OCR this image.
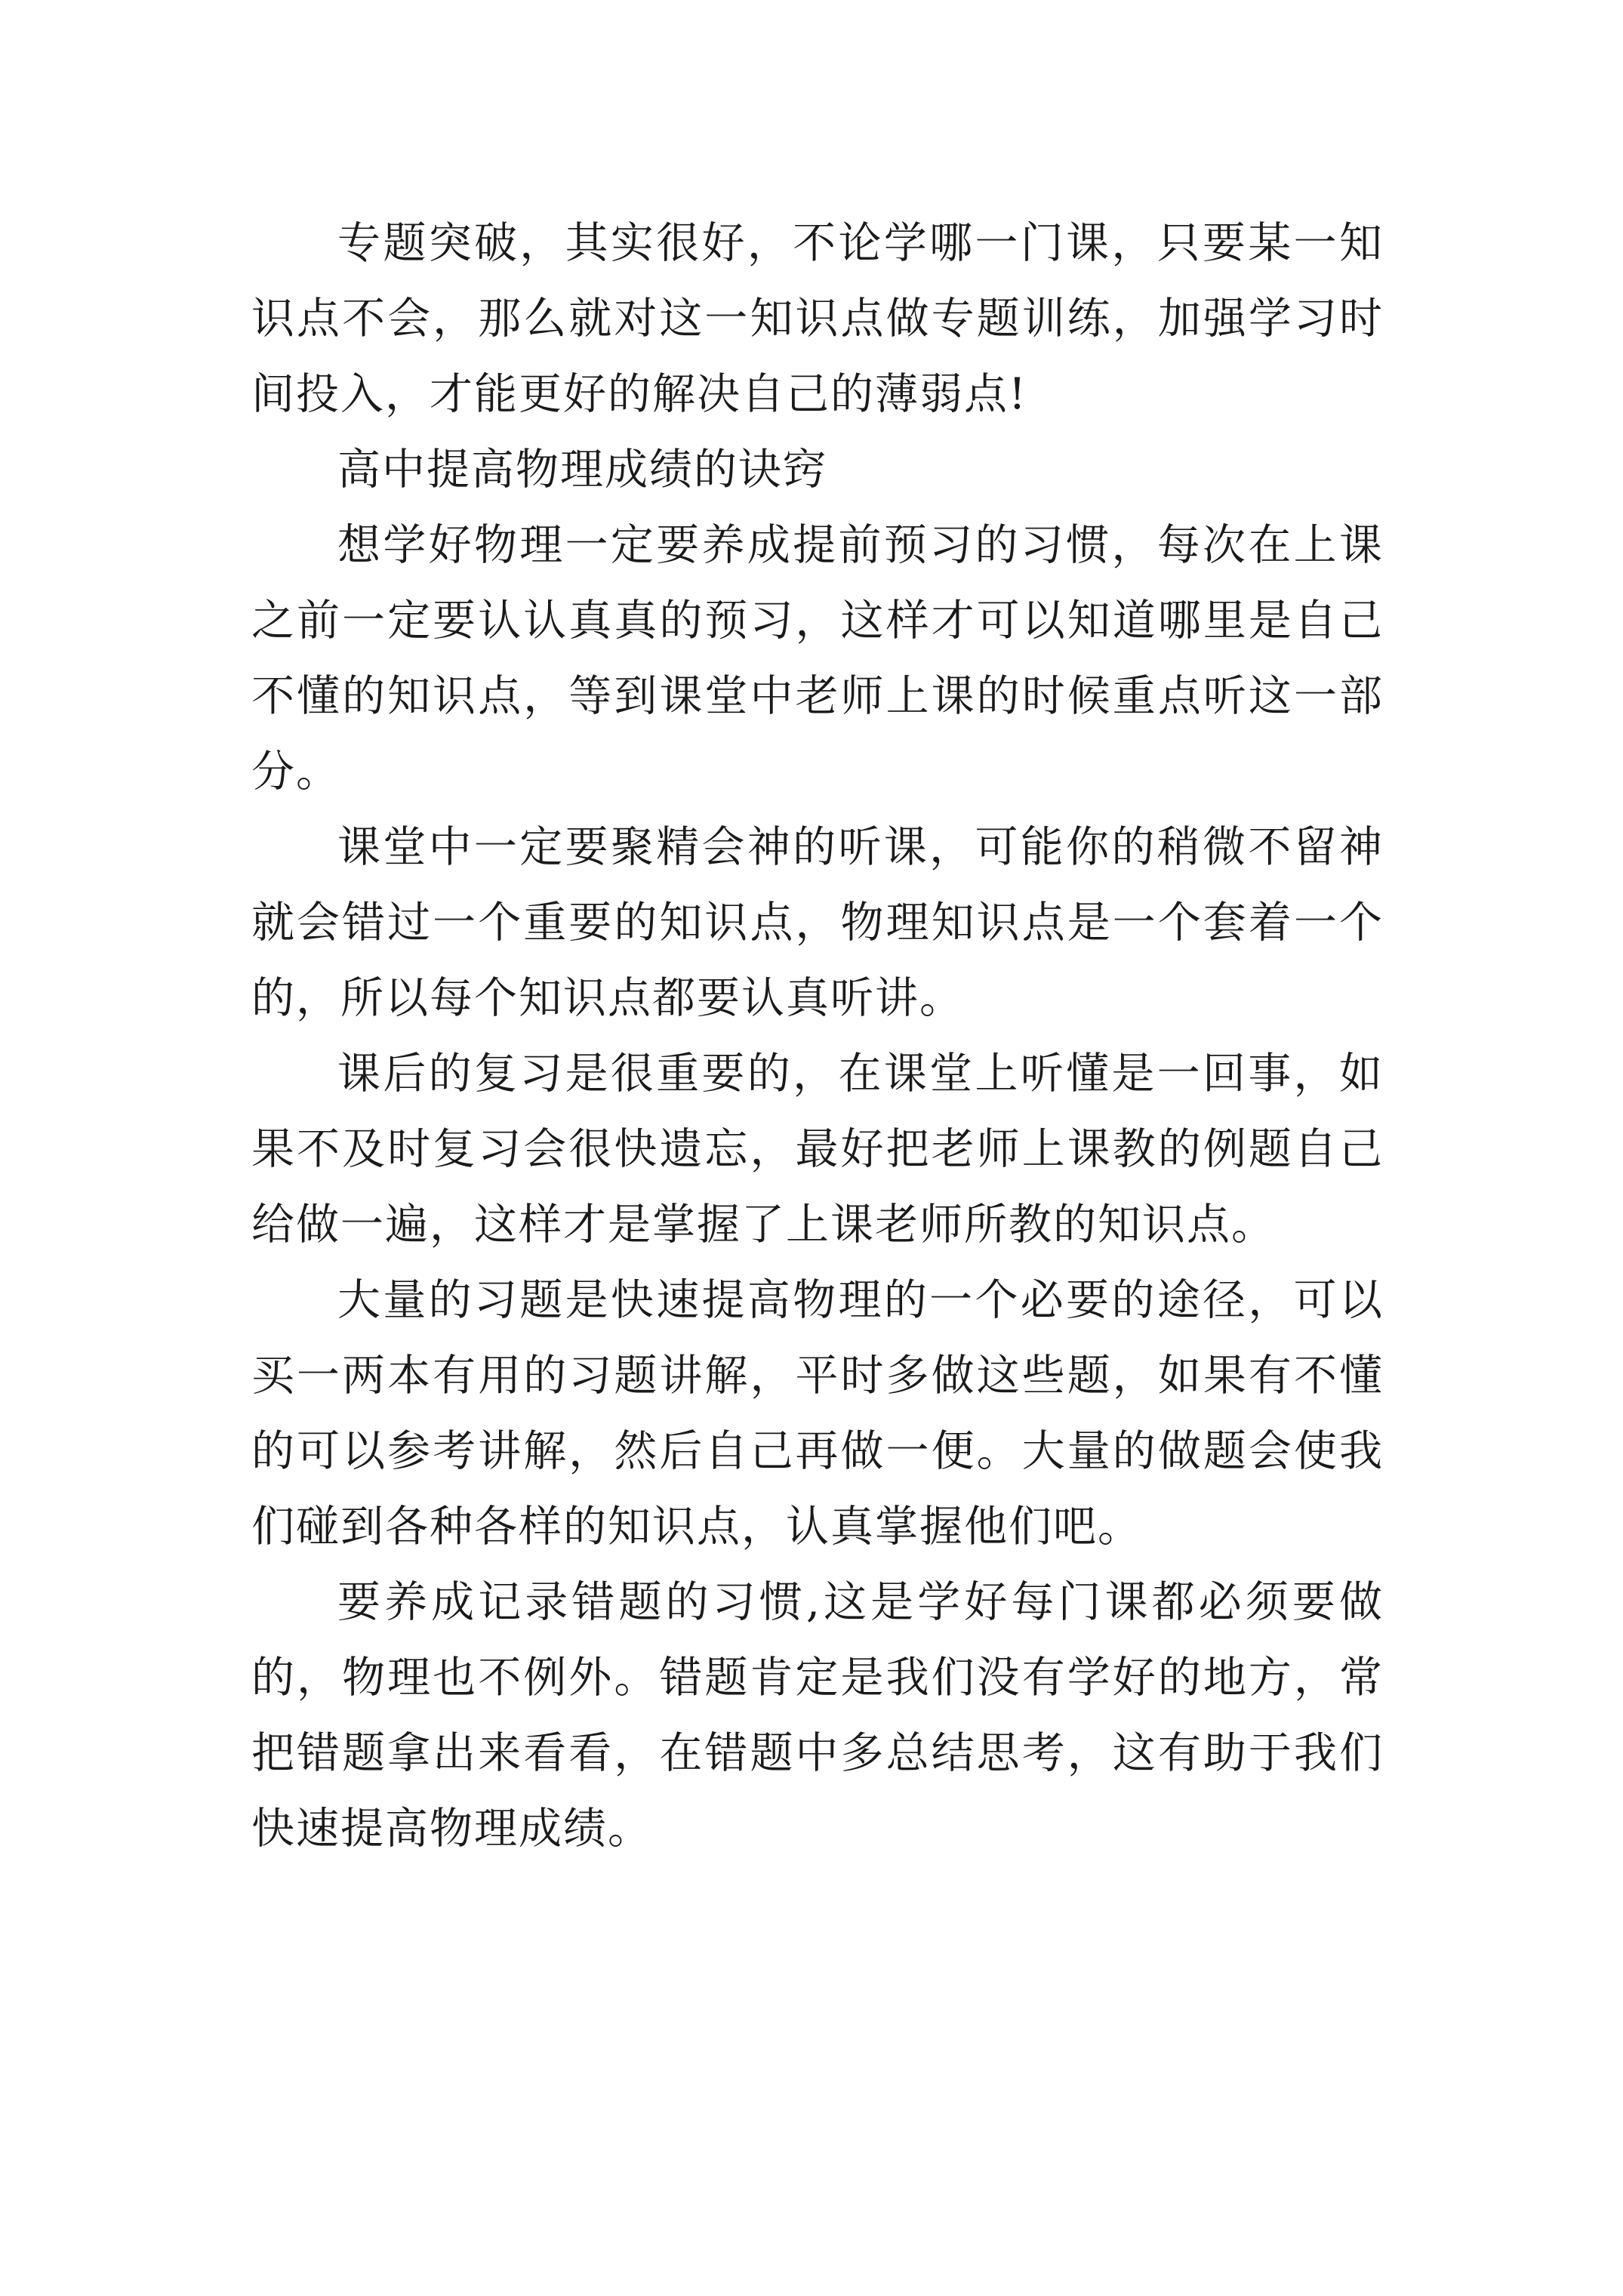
专题突破，其实很好，不论学哪一门课，只要某一知识点不会，那么就对这一知识点做专题训练，加强学习时间投入，才能更好的解决自己的薄弱点!

高中提高物理成绩的诀窍

想学好物理一定要养成提前预习的习惯，每次在上课之前一定要认认真真的预习，这样才可以知道哪里是自己不懂的知识点，等到课堂中老师上课的时候重点听这一部分。

课堂中一定要聚精会神的听课，可能你的稍微不留神就会错过一个重要的知识点，物理知识点是一个套着一个的，所以每个知识点都要认真听讲。

课后的复习是很重要的，在课堂上听懂是一回事，如果不及时复习会很快遗忘，最好把老师上课教的例题自己给做一遍，这样才是掌握了上课老师所教的知识点。

大量的习题是快速提高物理的一个必要的途径，可以买一两本有用的习题讲解，平时多做这些题，如果有不懂的可以参考讲解，然后自己再做一便。大量的做题会使我们碰到各种各样的知识点，认真掌握他们吧。

要养成记录错题的习惯,这是学好每门课都必须要做的，物理也不例外。错题肯定是我们没有学好的地方，常把错题拿出来看看，在错题中多总结思考，这有助于我们快速提高物理成绩。
